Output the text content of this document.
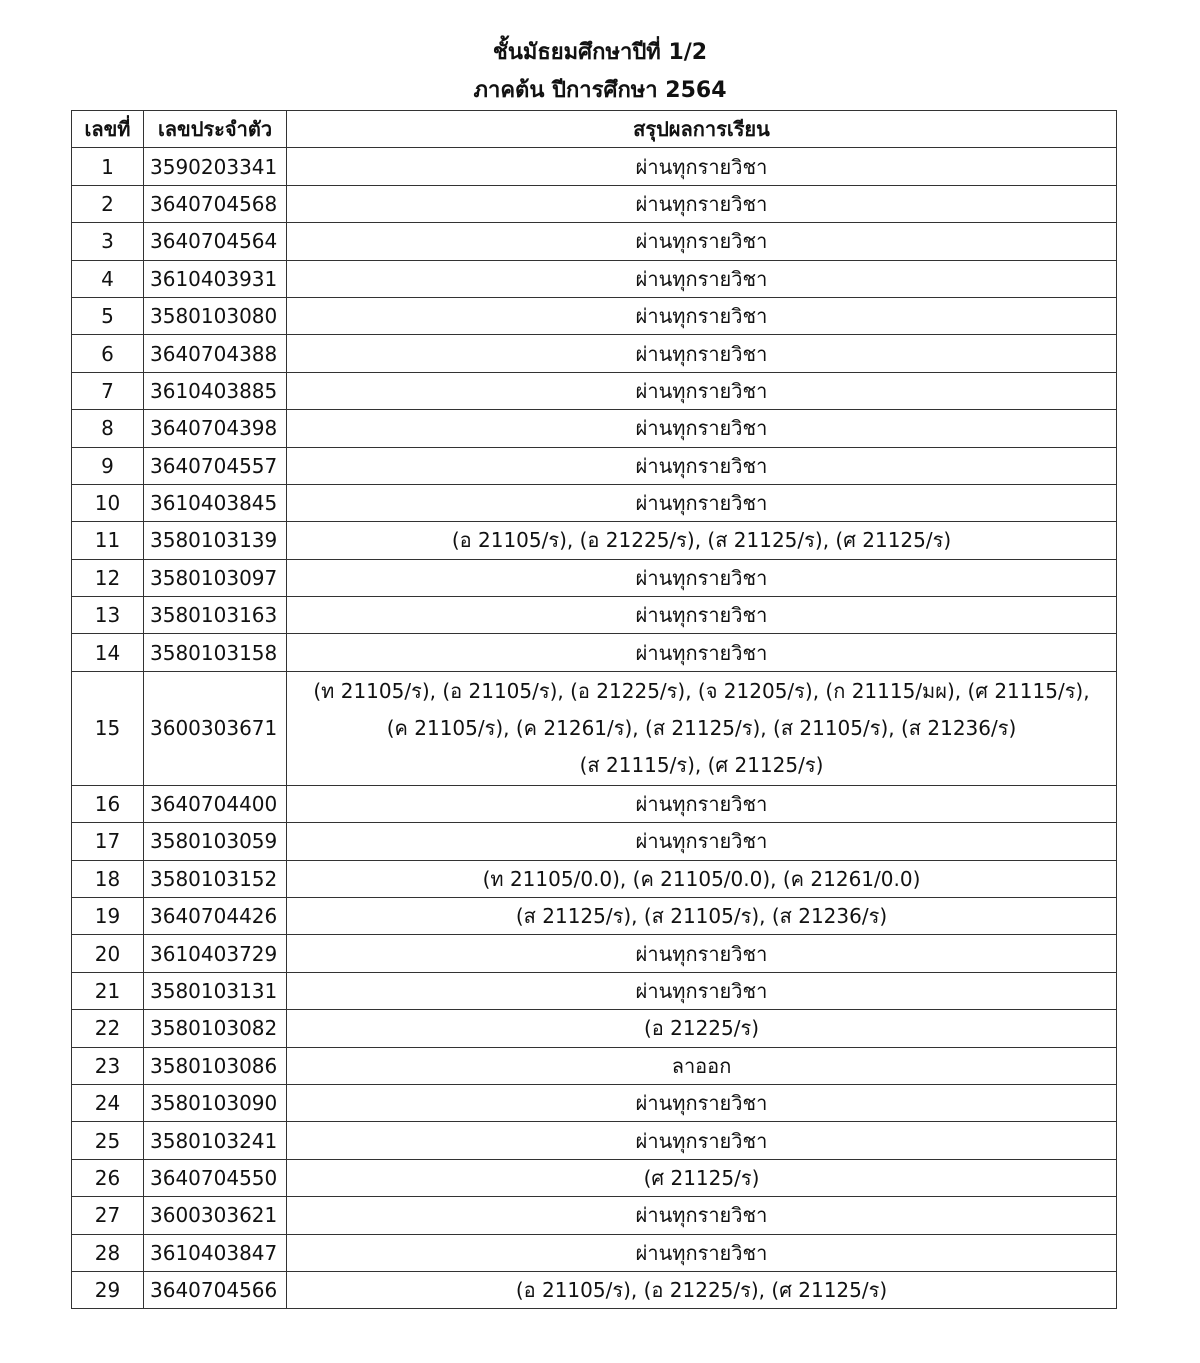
ชั้นมัธยมศึกษาปีที่ 1/2
ภาคต้น ปีการศึกษา 2564
เลขที่	เลขประจำตัว	สรุปผลการเรียน
1	3590203341	ผ่านทุกรายวิชา
2	3640704568	ผ่านทุกรายวิชา
3	3640704564	ผ่านทุกรายวิชา
4	3610403931	ผ่านทุกรายวิชา
5	3580103080	ผ่านทุกรายวิชา
6	3640704388	ผ่านทุกรายวิชา
7	3610403885	ผ่านทุกรายวิชา
8	3640704398	ผ่านทุกรายวิชา
9	3640704557	ผ่านทุกรายวิชา
10	3610403845	ผ่านทุกรายวิชา
11	3580103139	(อ 21105/ร), (อ 21225/ร), (ส 21125/ร), (ศ 21125/ร)
12	3580103097	ผ่านทุกรายวิชา
13	3580103163	ผ่านทุกรายวิชา
14	3580103158	ผ่านทุกรายวิชา
15	3600303671	(ท 21105/ร), (อ 21105/ร), (อ 21225/ร), (จ 21205/ร), (ก 21115/มผ), (ศ 21115/ร),
(ค 21105/ร), (ค 21261/ร), (ส 21125/ร), (ส 21105/ร), (ส 21236/ร)
(ส 21115/ร), (ศ 21125/ร)

16	3640704400	ผ่านทุกรายวิชา
17	3580103059	ผ่านทุกรายวิชา
18	3580103152	(ท 21105/0.0), (ค 21105/0.0), (ค 21261/0.0)
19	3640704426	(ส 21125/ร), (ส 21105/ร), (ส 21236/ร)
20	3610403729	ผ่านทุกรายวิชา
21	3580103131	ผ่านทุกรายวิชา
22	3580103082	(อ 21225/ร)
23	3580103086	ลาออก
24	3580103090	ผ่านทุกรายวิชา
25	3580103241	ผ่านทุกรายวิชา
26	3640704550	(ศ 21125/ร)
27	3600303621	ผ่านทุกรายวิชา
28	3610403847	ผ่านทุกรายวิชา
29	3640704566	(อ 21105/ร), (อ 21225/ร), (ศ 21125/ร)
